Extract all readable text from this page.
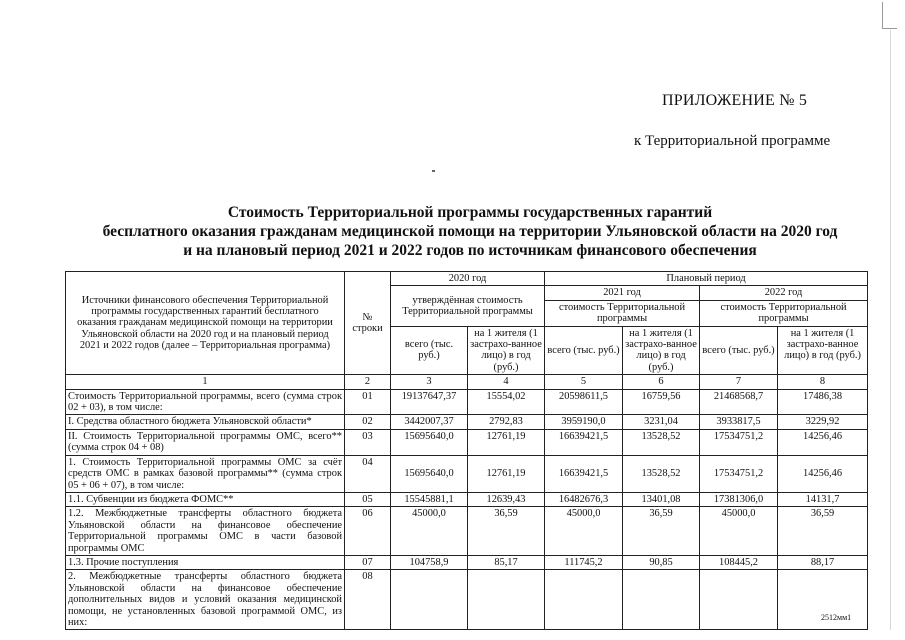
ПРИЛОЖЕНИЕ № 5
к Территориальной программе
Стоимость Территориальной программы государственных гарантий
бесплатного оказания гражданам медицинской помощи на территории Ульяновской области на 2020 год
и на плановый период 2021 и 2022 годов по источникам финансового обеспечения
Источники финансового обеспечения Территориальной программы государственных гарантий бесплатного оказания гражданам медицинской помощи на территории Ульяновской области на 2020 год и на плановый период 2021 и 2022 годов (далее – Территориальная программа)	№ строки	2020 год		Плановый период			
		утверждённая стоимость Территориальной программы		2021 год		2022 год	
				стоимость Территориальной программы		стоимость Территориальной программы	
		всего (тыс. руб.)	на 1 жителя (1 застрахо-ванное лицо) в год (руб.)	всего (тыс. руб.)	на 1 жителя (1 застрахо-ванное лицо) в год (руб.)	всего (тыс. руб.)	на 1 жителя (1 застрахо-ванное лицо) в год (руб.)
1	2	3	4	5	6	7	8
Стоимость Территориальной программы, всего (сумма строк 02 + 03), в том числе:	01	19137647,37	15554,02	20598611,5	16759,56	21468568,7	17486,38
I. Средства областного бюджета Ульяновской области*	02	3442007,37	2792,83	3959190,0	3231,04	3933817,5	3229,92
II. Стоимость Территориальной программы ОМС, всего** (сумма строк 04 + 08)	03	15695640,0	12761,19	16639421,5	13528,52	17534751,2	14256,46
1. Стоимость Территориальной программы ОМС за счёт средств ОМС в рамках базовой программы** (сумма строк 05 + 06 + 07), в том числе:	04	15695640,0	12761,19	16639421,5	13528,52	17534751,2	14256,46
1.1. Субвенции из бюджета ФОМС**	05	15545881,1	12639,43	16482676,3	13401,08	17381306,0	14131,7
1.2. Межбюджетные трансферты областного бюджета Ульяновской области на финансовое обеспечение Территориальной программы ОМС в части базовой программы ОМС	06	45000,0	36,59	45000,0	36,59	45000,0	36,59
1.3. Прочие поступления	07	104758,9	85,17	111745,2	90,85	108445,2	88,17
2. Межбюджетные трансферты областного бюджета Ульяновской области на финансовое обеспечение дополнительных видов и условий оказания медицинской помощи, не установленных базовой программой ОМС, из них:	08						
2512мм1
